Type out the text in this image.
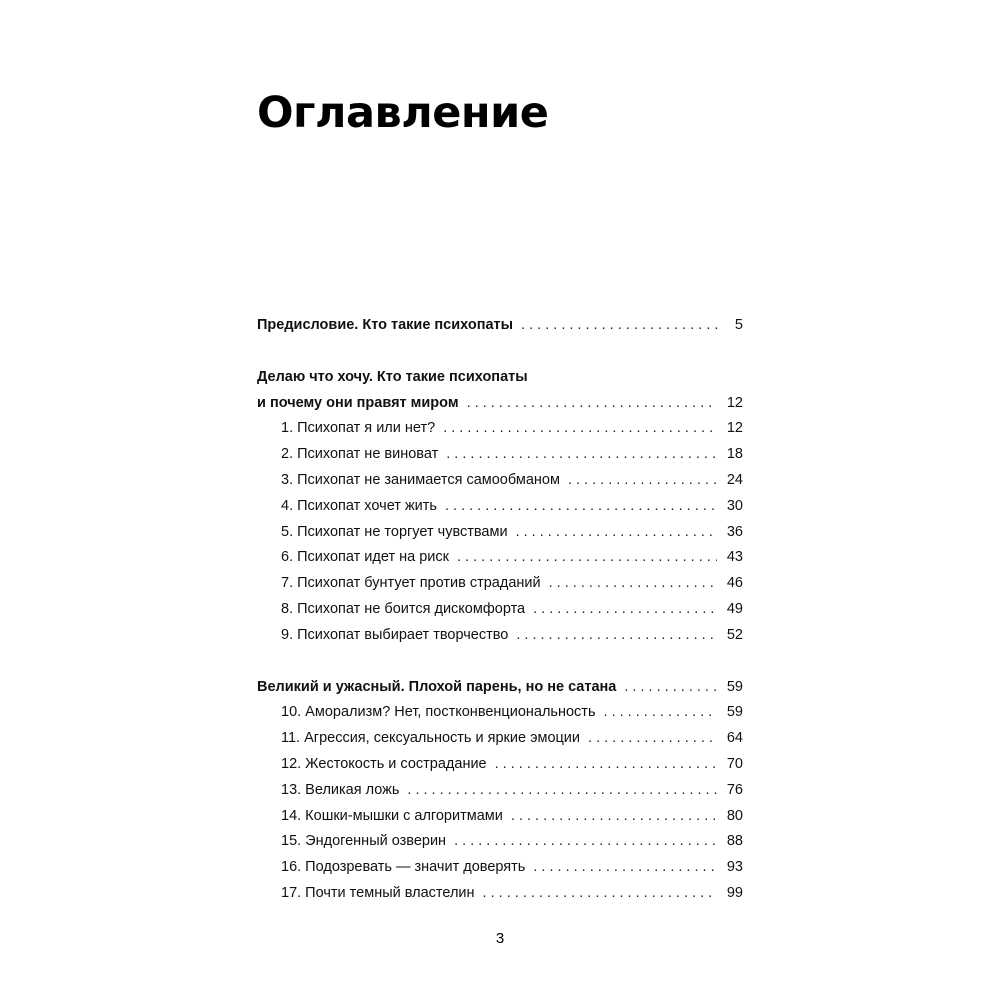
Оглавление
Предисловие. Кто такие психопаты . . .	5
Делаю что хочу. Кто такие психопаты
и почему они правят миром . . .	12
1. Психопат я или нет? . . .	12
2. Психопат не виноват . . .	18
3. Психопат не занимается самообманом . . .	24
4. Психопат хочет жить . . .	30
5. Психопат не торгует чувствами . . .	36
6. Психопат идет на риск . . .	43
7. Психопат бунтует против страданий . . .	46
8. Психопат не боится дискомфорта . . .	49
9. Психопат выбирает творчество . . .	52
Великий и ужасный. Плохой парень, но не сатана . . .	59
10. Аморализм? Нет, постконвенциональность . . .	59
11. Агрессия, сексуальность и яркие эмоции . . .	64
12. Жестокость и сострадание . . .	70
13. Великая ложь . . .	76
14. Кошки-мышки с алгоритмами . . .	80
15. Эндогенный озверин . . .	88
16. Подозревать — значит доверять . . .	93
17. Почти темный властелин . . .	99
3
